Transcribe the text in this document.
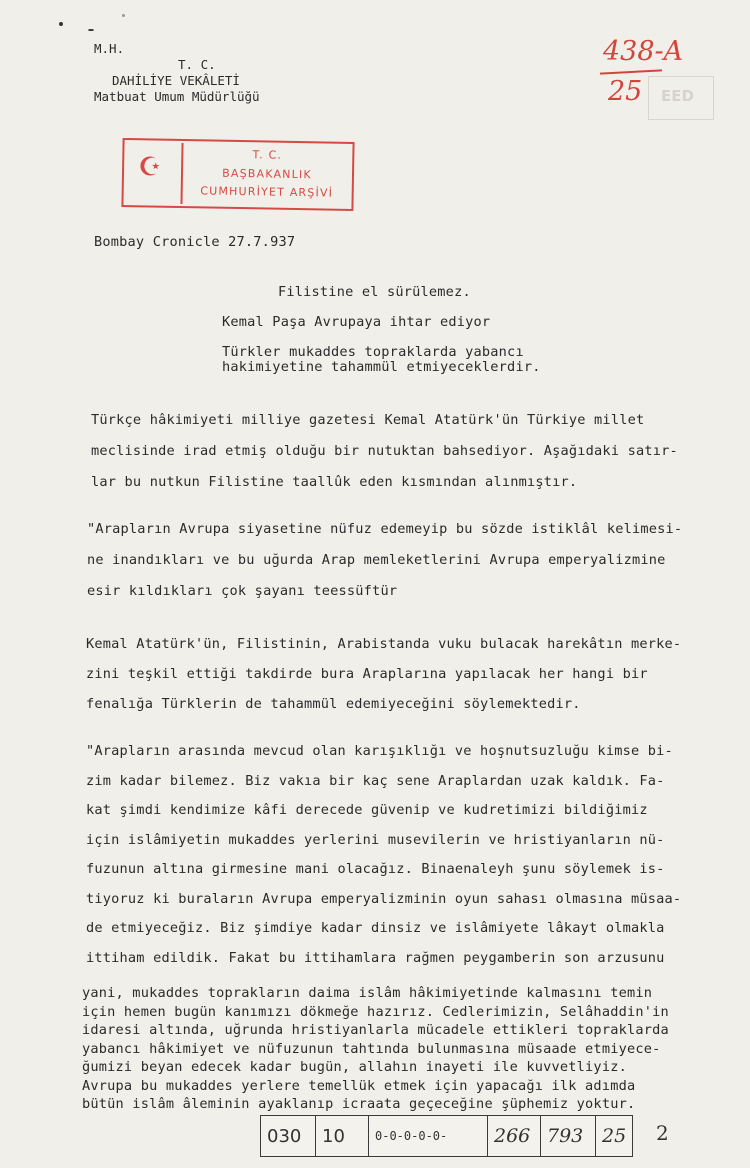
M.H.
T. C.
DAHİLİYE VEKÂLETİ
Matbuat Umum Müdürlüğü
438-A
25 EED
☪	T. C.
BAŞBAKANLIK
CUMHURİYET ARŞİVİ
Bombay Cronicle 27.7.937
Filistine el sürülemez.
Kemal Paşa Avrupaya ihtar ediyor
Türkler mukaddes topraklarda yabancı
hakimiyetine tahammül etmiyeceklerdir.
Türkçe hâkimiyeti milliye gazetesi Kemal Atatürk'ün Türkiye millet
meclisinde irad etmiş olduğu bir nutuktan bahsediyor. Aşağıdaki satır-
lar bu nutkun Filistine taallûk eden kısmından alınmıştır.
"Arapların Avrupa siyasetine nüfuz edemeyip bu sözde istiklâl kelimesi-
ne inandıkları ve bu uğurda Arap memleketlerini Avrupa emperyalizmine
esir kıldıkları çok şayanı teessüftür
Kemal Atatürk'ün, Filistinin, Arabistanda vuku bulacak harekâtın merke-
zini teşkil ettiği takdirde bura Araplarına yapılacak her hangi bir
fenalığa Türklerin de tahammül edemiyeceğini söylemektedir.
"Arapların arasında mevcud olan karışıklığı ve hoşnutsuzluğu kimse bi-
zim kadar bilemez. Biz vakıa bir kaç sene Araplardan uzak kaldık. Fa-
kat şimdi kendimize kâfi derecede güvenip ve kudretimizi bildiğimiz
için islâmiyetin mukaddes yerlerini musevilerin ve hristiyanların nü-
fuzunun altına girmesine mani olacağız. Binaenaleyh şunu söylemek is-
tiyoruz ki buraların Avrupa emperyalizminin oyun sahası olmasına müsaa-
de etmiyeceğiz. Biz şimdiye kadar dinsiz ve islâmiyete lâkayt olmakla
ittiham edildik. Fakat bu ittihamlara rağmen peygamberin son arzusunu
yani, mukaddes toprakların daima islâm hâkimiyetinde kalmasını temin
için hemen bugün kanımızı dökmeğe hazırız. Cedlerimizin, Selâhaddin'in
idaresi altında, uğrunda hristiyanlarla mücadele ettikleri topraklarda
yabancı hâkimiyet ve nüfuzunun tahtında bulunmasına müsaade etmiyece-
ğumizi beyan edecek kadar bugün, allahın inayeti ile kuvvetliyiz.
Avrupa bu mukaddes yerlere temellük etmek için yapacağı ilk adımda
bütün islâm âleminin ayaklanıp icraata geçeceğine şüphemiz yoktur.
030	10	0-0-0-0-0-	266 793 25 2
